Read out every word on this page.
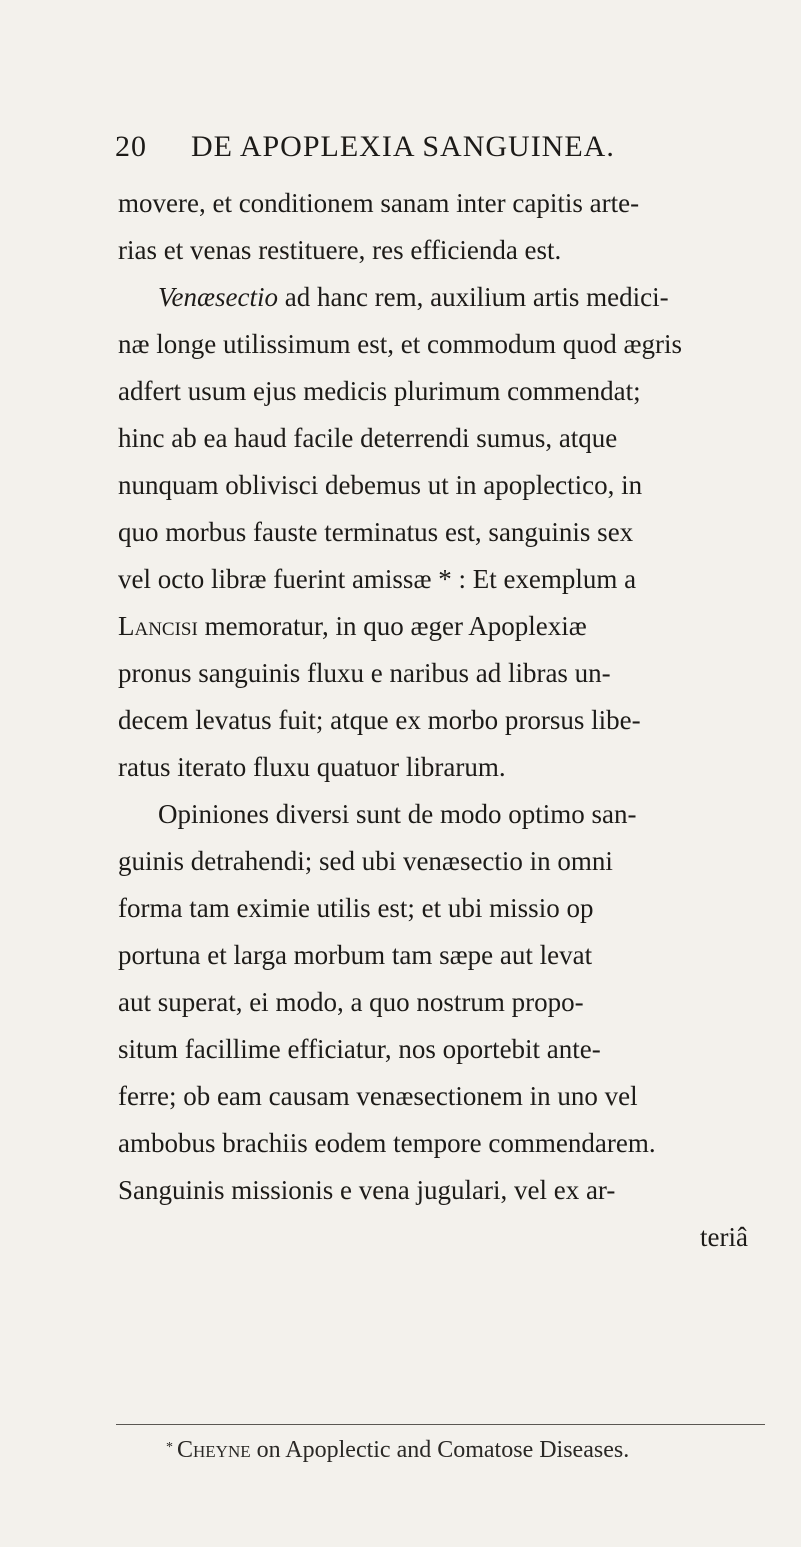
20 DE APOPLEXIA SANGUINEA.
movere, et conditionem sanam inter capitis arte-
rias et venas restituere, res efficienda est.
Venæsectio ad hanc rem, auxilium artis medici-
næ longe utilissimum est, et commodum quod ægris
adfert usum ejus medicis plurimum commendat;
hinc ab ea haud facile deterrendi sumus, atque
nunquam oblivisci debemus ut in apoplectico, in
quo morbus fauste terminatus est, sanguinis sex
vel octo libræ fuerint amissæ * : Et exemplum a
Lancisi memoratur, in quo æger Apoplexiæ
pronus sanguinis fluxu e naribus ad libras un-
decem levatus fuit; atque ex morbo prorsus libe-
ratus iterato fluxu quatuor librarum.
Opiniones diversi sunt de modo optimo san-
guinis detrahendi; sed ubi venæsectio in omni
forma tam eximie utilis est; et ubi missio op
portuna et larga morbum tam sæpe aut levat
aut superat, ei modo, a quo nostrum propo-
situm facillime efficiatur, nos oportebit ante-
ferre; ob eam causam venæsectionem in uno vel
ambobus brachiis eodem tempore commendarem.
Sanguinis missionis e vena jugulari, vel ex ar-
teriâ
* Cheyne on Apoplectic and Comatose Diseases.
